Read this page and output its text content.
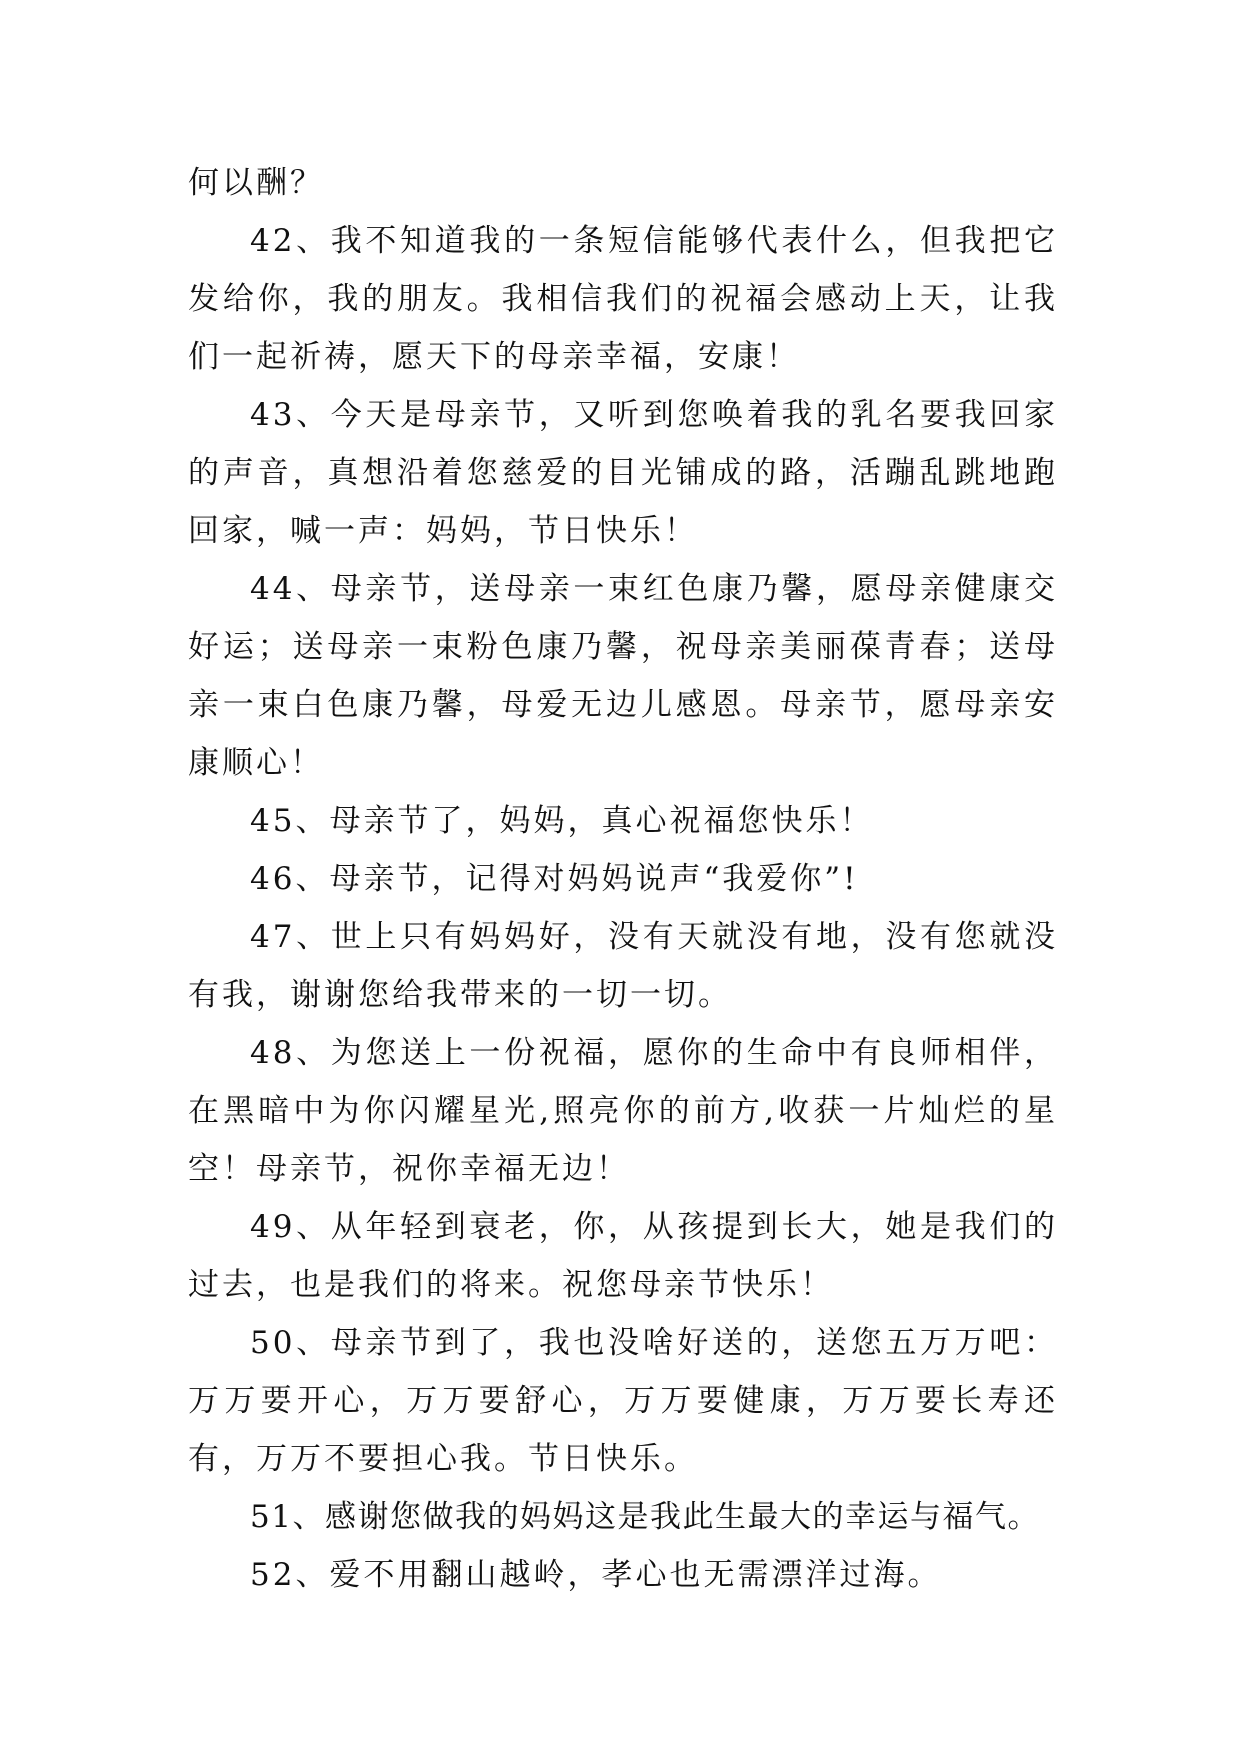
何以酬？

42、我不知道我的一条短信能够代表什么，但我把它发给你，我的朋友。我相信我们的祝福会感动上天，让我们一起祈祷，愿天下的母亲幸福，安康！

43、今天是母亲节，又听到您唤着我的乳名要我回家的声音，真想沿着您慈爱的目光铺成的路，活蹦乱跳地跑回家，喊一声：妈妈，节日快乐！

44、母亲节，送母亲一束红色康乃馨，愿母亲健康交好运；送母亲一束粉色康乃馨，祝母亲美丽葆青春；送母亲一束白色康乃馨，母爱无边儿感恩。母亲节，愿母亲安康顺心！

45、母亲节了，妈妈，真心祝福您快乐！

46、母亲节，记得对妈妈说声“我爱你”!

47、世上只有妈妈好，没有天就没有地，没有您就没有我，谢谢您给我带来的一切一切。

48、为您送上一份祝福，愿你的生命中有良师相伴，在黑暗中为你闪耀星光,照亮你的前方,收获一片灿烂的星空！母亲节，祝你幸福无边！

49、从年轻到衰老，你，从孩提到长大，她是我们的过去，也是我们的将来。祝您母亲节快乐！

50、母亲节到了，我也没啥好送的，送您五万万吧：万万要开心，万万要舒心，万万要健康，万万要长寿还有，万万不要担心我。节日快乐。

51、感谢您做我的妈妈这是我此生最大的幸运与福气。

52、爱不用翻山越岭，孝心也无需漂洋过海。
